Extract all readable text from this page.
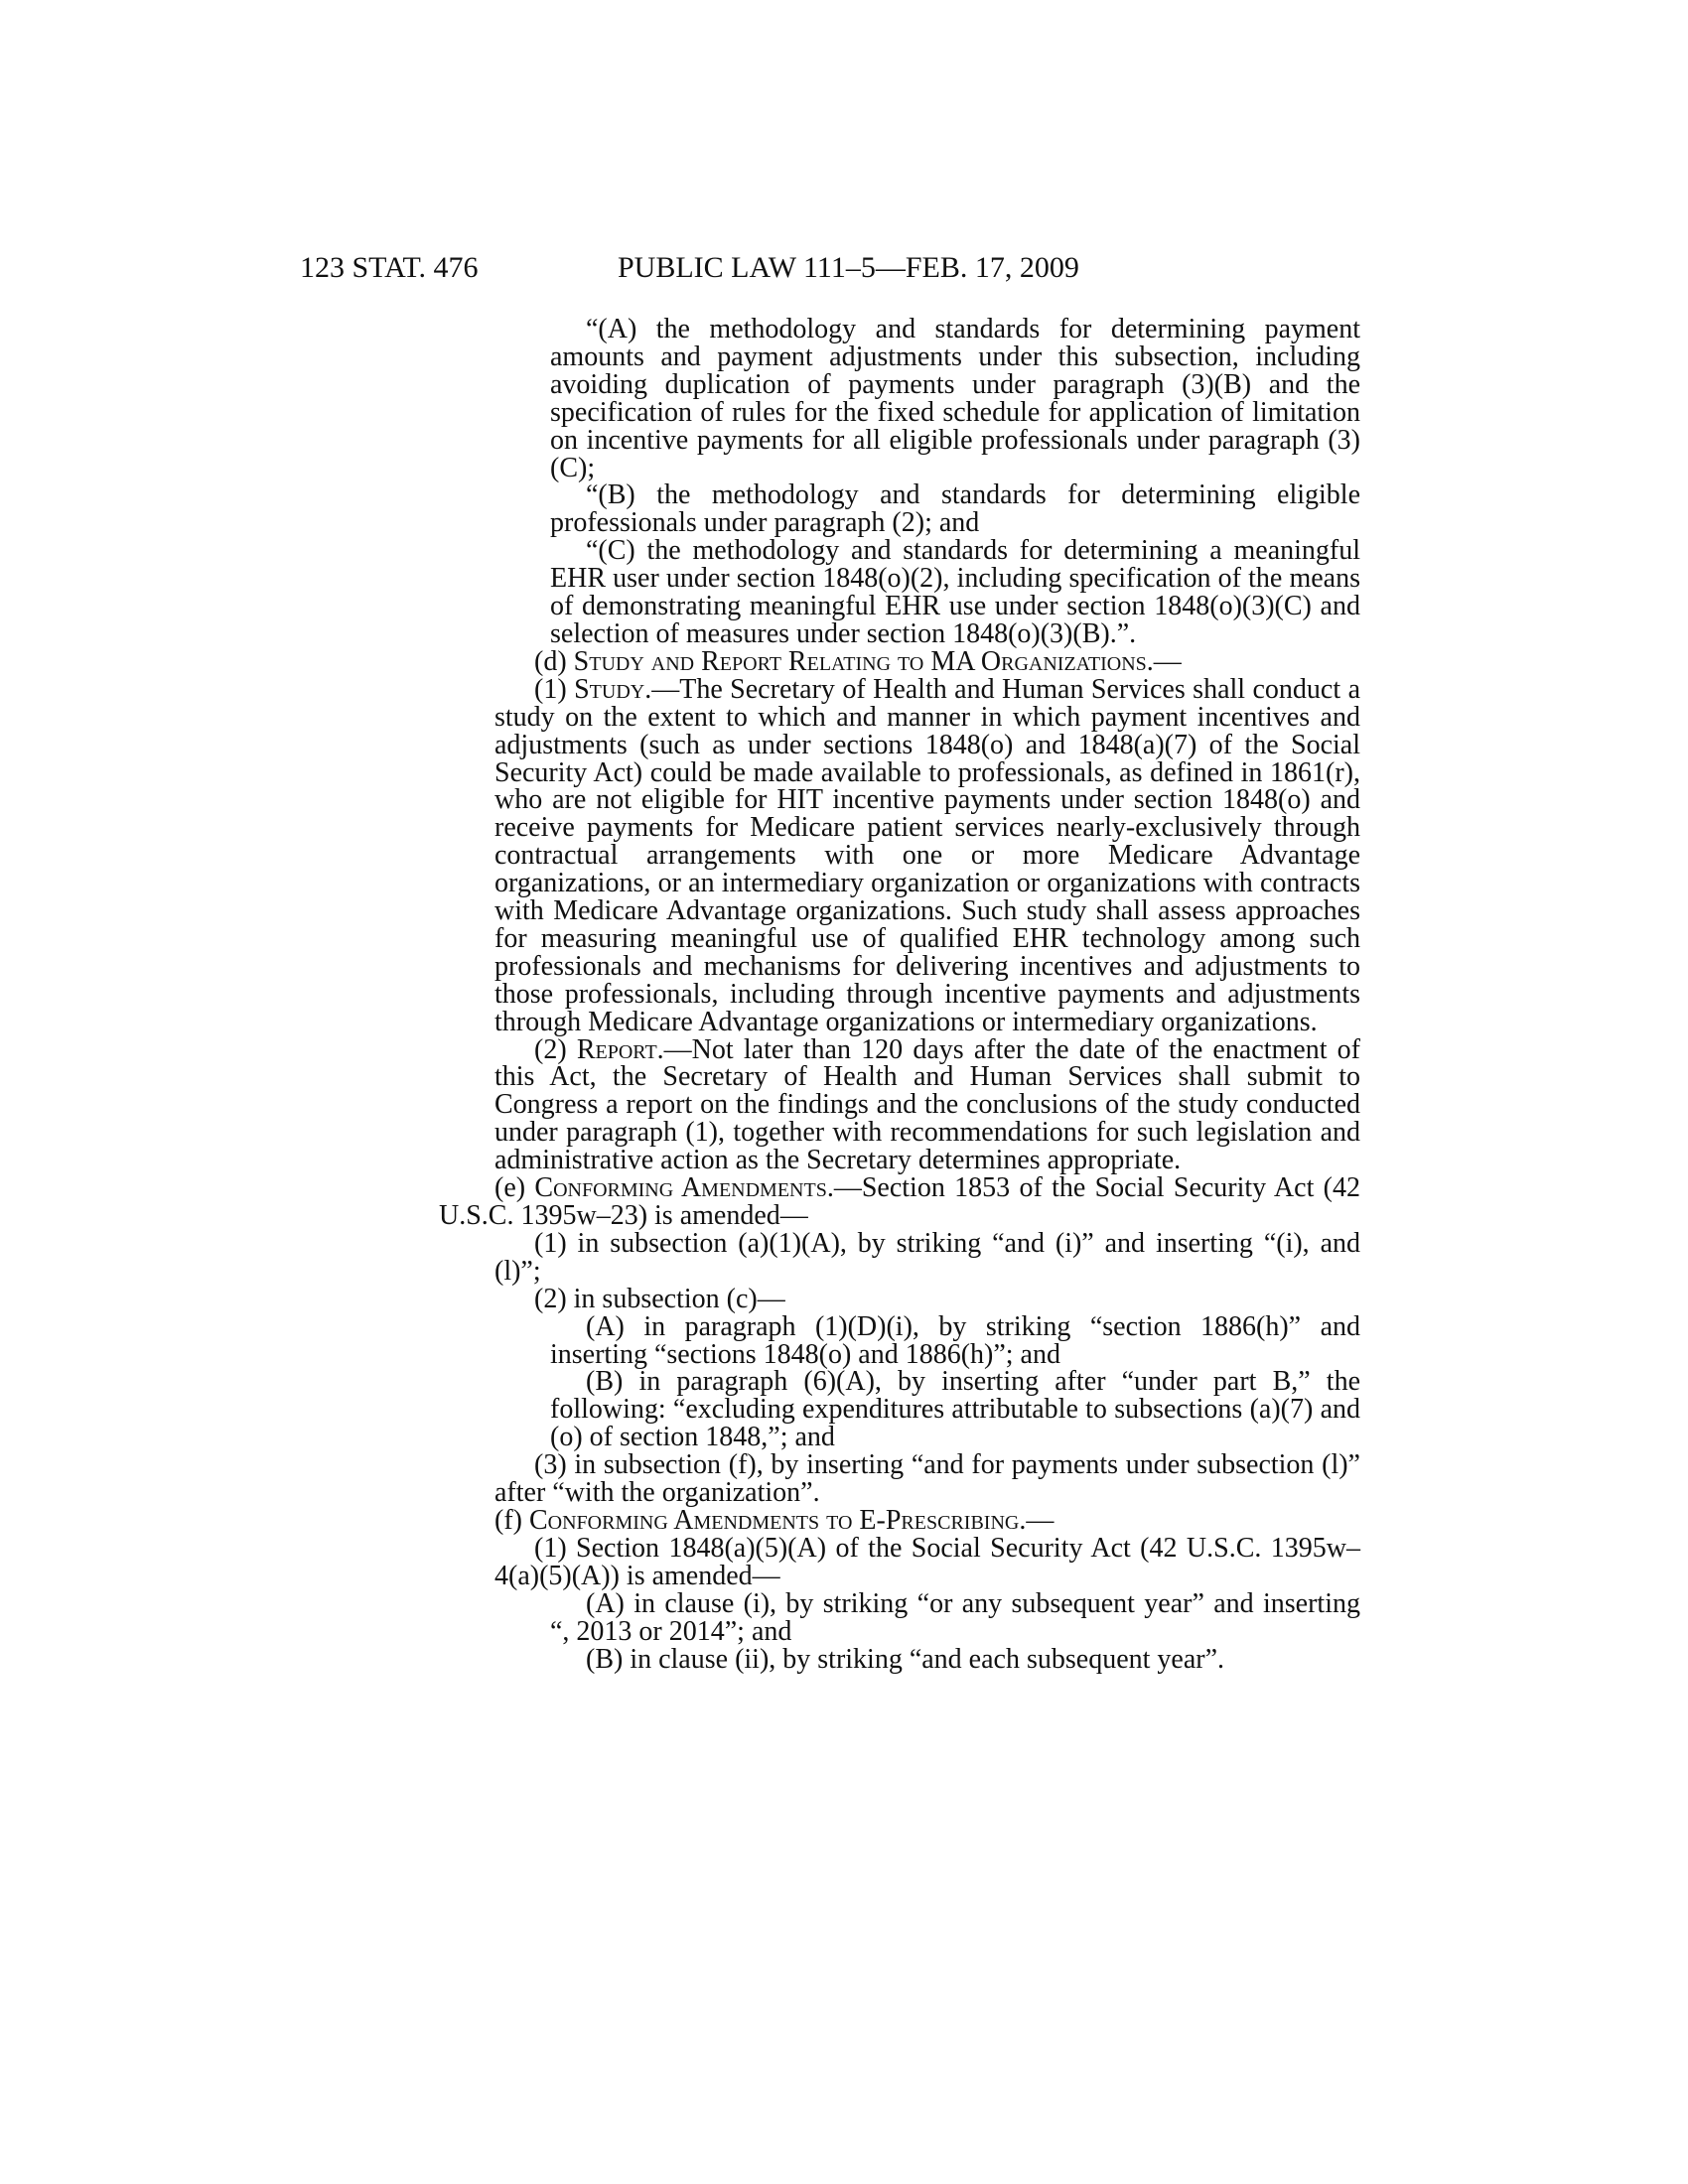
123 STAT. 476	PUBLIC LAW 111–5—FEB. 17, 2009

“(A) the methodology and standards for determining payment amounts and payment adjustments under this subsection, including avoiding duplication of payments under paragraph (3)(B) and the specification of rules for the fixed schedule for application of limitation on incentive payments for all eligible professionals under paragraph (3)(C);

“(B) the methodology and standards for determining eligible professionals under paragraph (2); and

“(C) the methodology and standards for determining a meaningful EHR user under section 1848(o)(2), including specification of the means of demonstrating meaningful EHR use under section 1848(o)(3)(C) and selection of measures under section 1848(o)(3)(B).”.

(d) Study and Report Relating to MA Organizations.—

(1) Study.—The Secretary of Health and Human Services shall conduct a study on the extent to which and manner in which payment incentives and adjustments (such as under sections 1848(o) and 1848(a)(7) of the Social Security Act) could be made available to professionals, as defined in 1861(r), who are not eligible for HIT incentive payments under section 1848(o) and receive payments for Medicare patient services nearly-exclusively through contractual arrangements with one or more Medicare Advantage organizations, or an intermediary organization or organizations with contracts with Medicare Advantage organizations. Such study shall assess approaches for measuring meaningful use of qualified EHR technology among such professionals and mechanisms for delivering incentives and adjustments to those professionals, including through incentive payments and adjustments through Medicare Advantage organizations or intermediary organizations.

(2) Report.—Not later than 120 days after the date of the enactment of this Act, the Secretary of Health and Human Services shall submit to Congress a report on the findings and the conclusions of the study conducted under paragraph (1), together with recommendations for such legislation and administrative action as the Secretary determines appropriate.

(e) Conforming Amendments.—Section 1853 of the Social Security Act (42 U.S.C. 1395w–23) is amended—

(1) in subsection (a)(1)(A), by striking “and (i)” and inserting “(i), and (l)”;

(2) in subsection (c)—

(A) in paragraph (1)(D)(i), by striking “section 1886(h)” and inserting “sections 1848(o) and 1886(h)”; and

(B) in paragraph (6)(A), by inserting after “under part B,” the following: “excluding expenditures attributable to subsections (a)(7) and (o) of section 1848,”; and

(3) in subsection (f), by inserting “and for payments under subsection (l)” after “with the organization”.

(f) Conforming Amendments to E-Prescribing.—

(1) Section 1848(a)(5)(A) of the Social Security Act (42 U.S.C. 1395w–4(a)(5)(A)) is amended—

(A) in clause (i), by striking “or any subsequent year” and inserting “, 2013 or 2014”; and

(B) in clause (ii), by striking “and each subsequent year”.
